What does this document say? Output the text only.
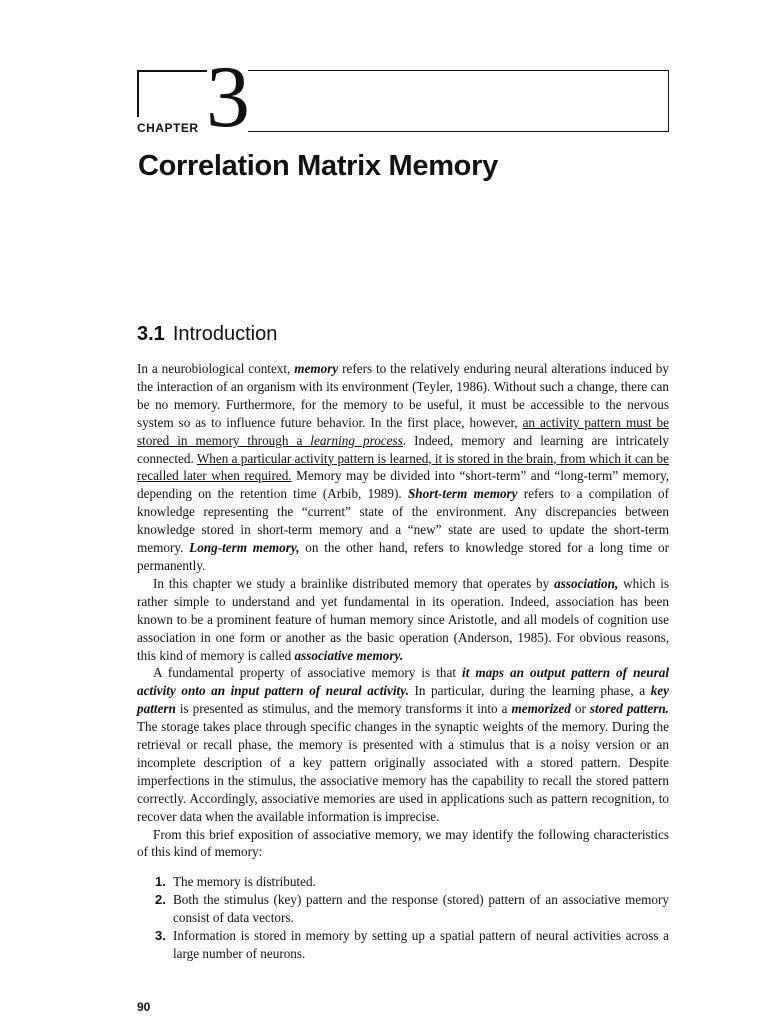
CHAPTER 3
Correlation Matrix Memory
3.1 Introduction

In a neurobiological context, memory refers to the relatively enduring neural alterations induced by the interaction of an organism with its environment (Teyler, 1986). Without such a change, there can be no memory. Furthermore, for the memory to be useful, it must be accessible to the nervous system so as to influence future behavior. In the first place, however, an activity pattern must be stored in memory through a learning process. Indeed, memory and learning are intricately connected. When a particular activity pattern is learned, it is stored in the brain, from which it can be recalled later when required. Memory may be divided into “short-term” and “long-term” memory, depending on the retention time (Arbib, 1989). Short-term memory refers to a compilation of knowledge representing the “current” state of the environment. Any discrepancies between knowledge stored in short-term memory and a “new” state are used to update the short-term memory. Long-term memory, on the other hand, refers to knowledge stored for a long time or permanently.

In this chapter we study a brainlike distributed memory that operates by association, which is rather simple to understand and yet fundamental in its operation. Indeed, association has been known to be a prominent feature of human memory since Aristotle, and all models of cognition use association in one form or another as the basic operation (Anderson, 1985). For obvious reasons, this kind of memory is called associative memory.

A fundamental property of associative memory is that it maps an output pattern of neural activity onto an input pattern of neural activity. In particular, during the learning phase, a key pattern is presented as stimulus, and the memory transforms it into a memorized or stored pattern. The storage takes place through specific changes in the synaptic weights of the memory. During the retrieval or recall phase, the memory is presented with a stimulus that is a noisy version or an incomplete description of a key pattern originally associated with a stored pattern. Despite imperfections in the stimulus, the associative memory has the capability to recall the stored pattern correctly. Accordingly, associative memories are used in applications such as pattern recognition, to recover data when the available information is imprecise.

From this brief exposition of associative memory, we may identify the following characteristics of this kind of memory:

1. The memory is distributed.
2. Both the stimulus (key) pattern and the response (stored) pattern of an associative memory consist of data vectors.
3. Information is stored in memory by setting up a spatial pattern of neural activities across a large number of neurons.
90
